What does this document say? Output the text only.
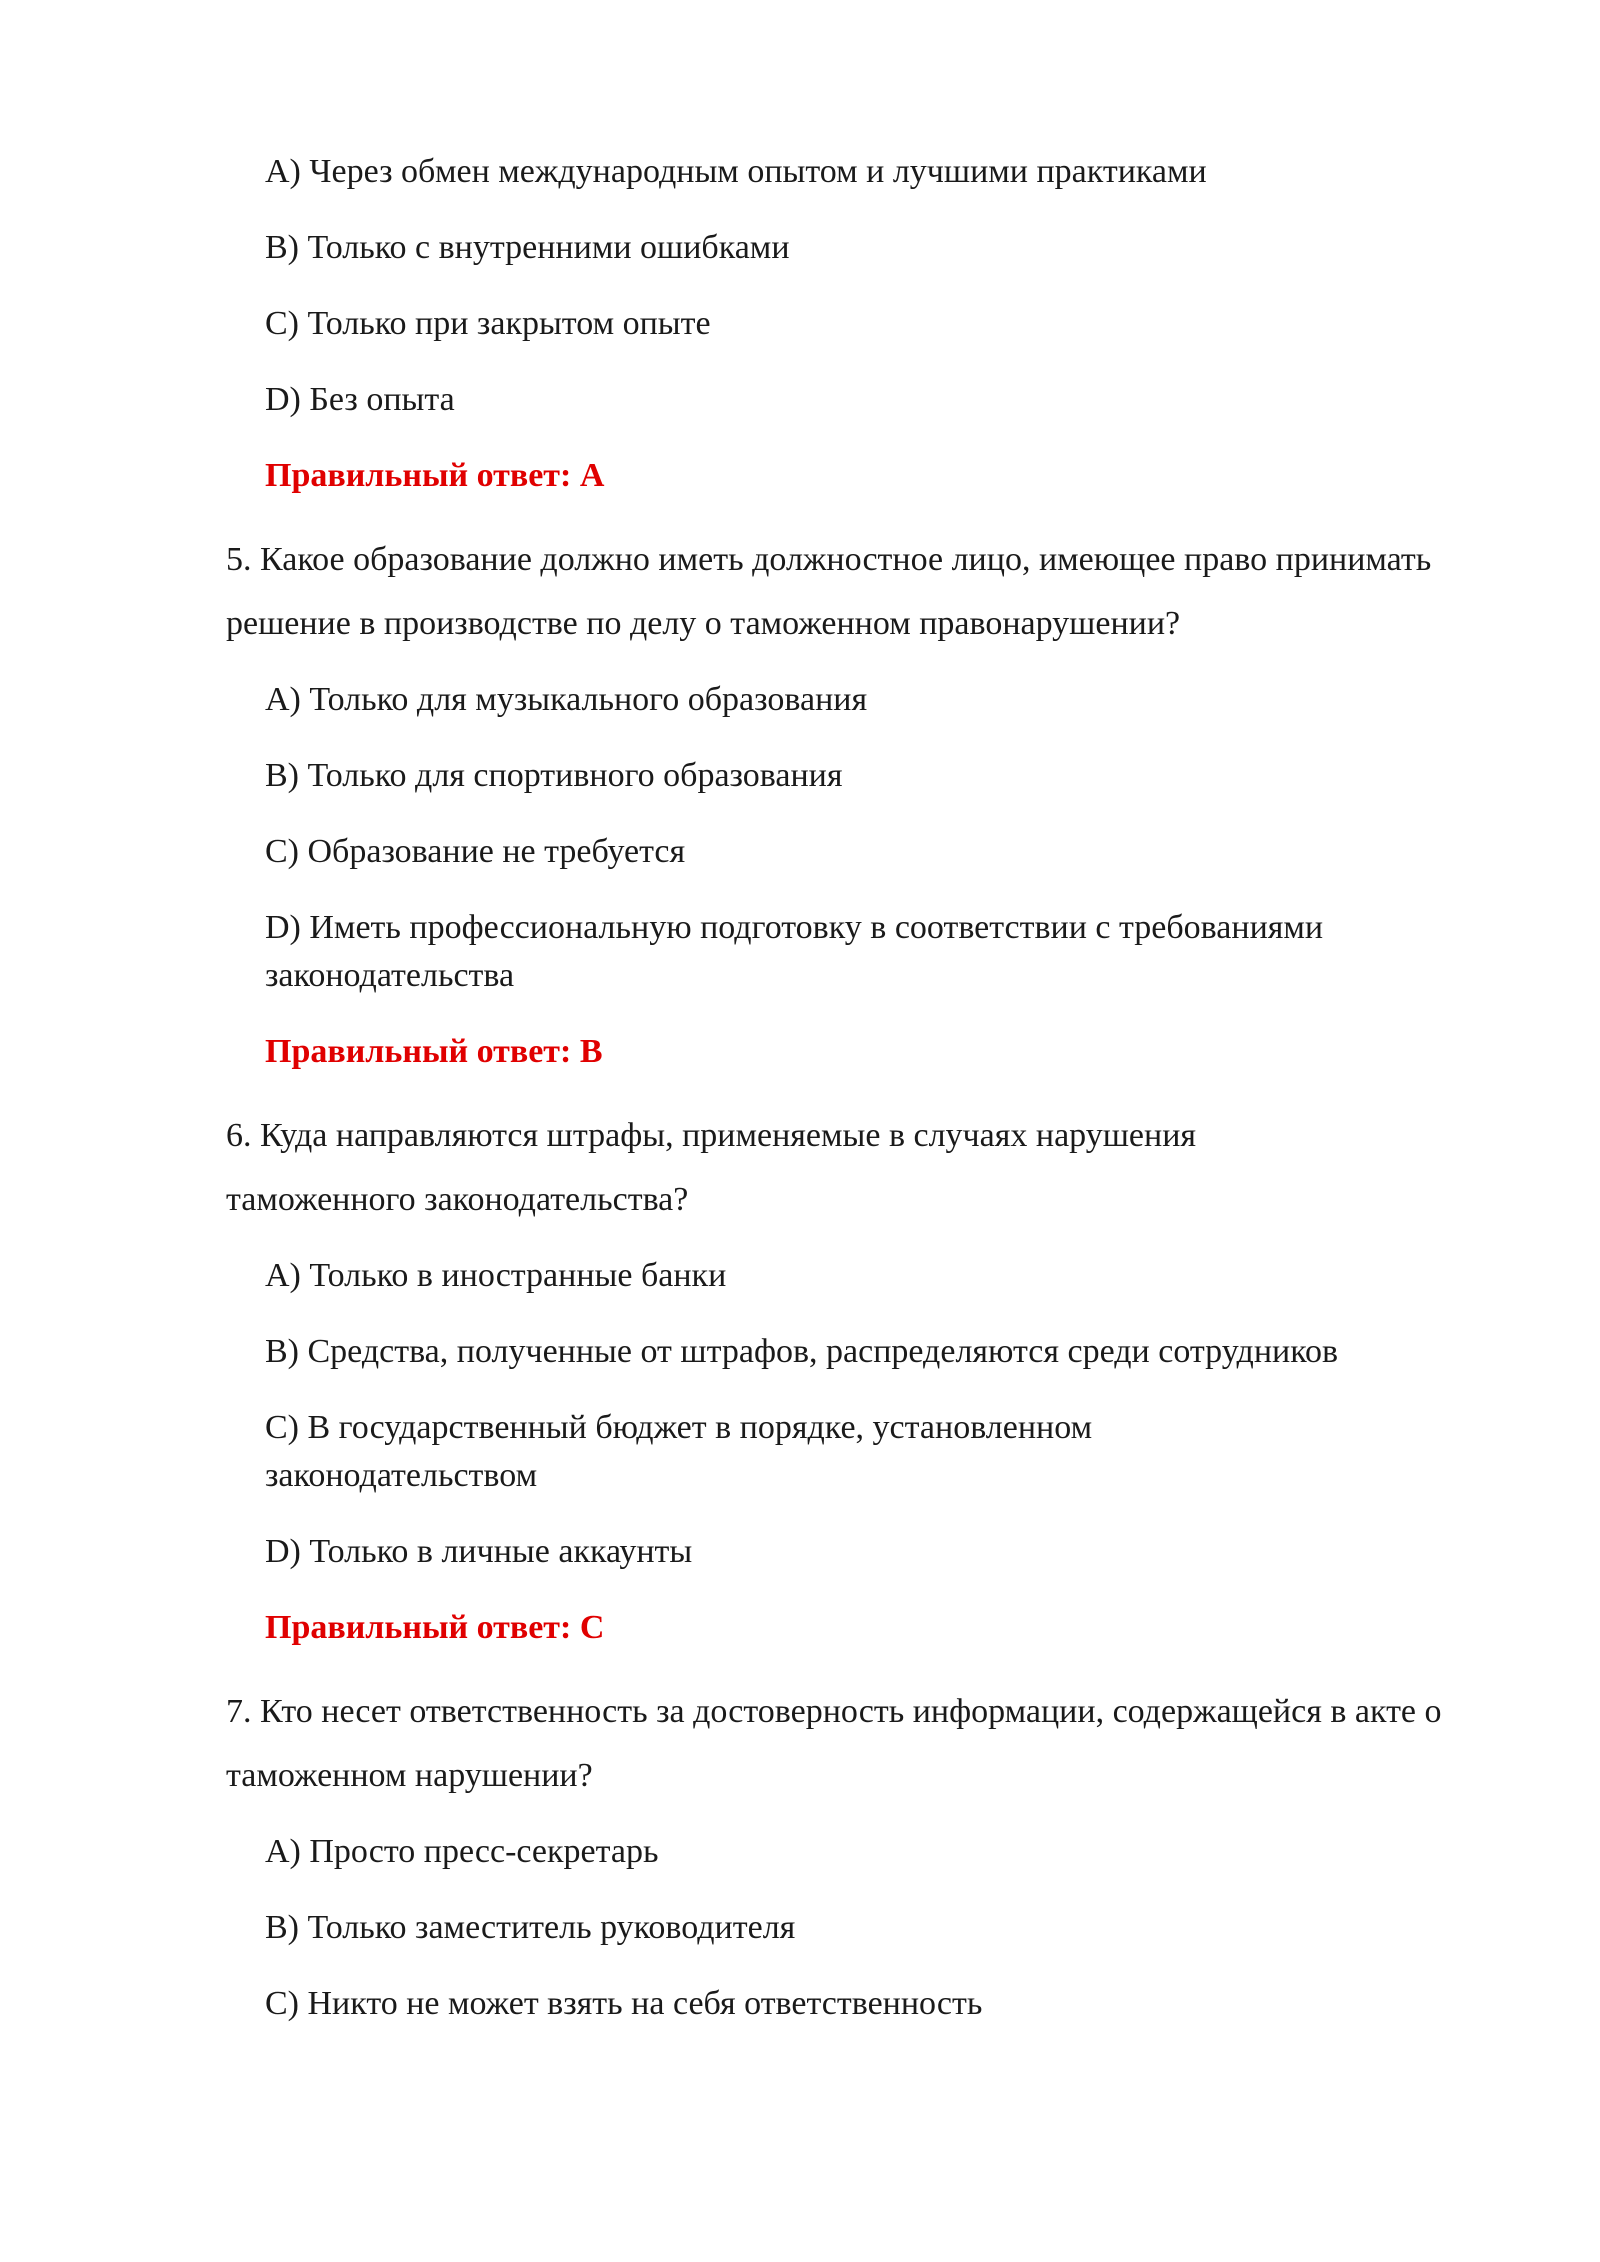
A) Через обмен международным опытом и лучшими практиками
B) Только с внутренними ошибками
C) Только при закрытом опыте
D) Без опыта
Правильный ответ: A
5. Какое образование должно иметь должностное лицо, имеющее право принимать решение в производстве по делу о таможенном правонарушении?
A) Только для музыкального образования
B) Только для спортивного образования
C) Образование не требуется
D) Иметь профессиональную подготовку в соответствии с требованиями законодательства
Правильный ответ: B
6. Куда направляются штрафы, применяемые в случаях нарушения таможенного законодательства?
A) Только в иностранные банки
B) Средства, полученные от штрафов, распределяются среди сотрудников
C) В государственный бюджет в порядке, установленном законодательством
D) Только в личные аккаунты
Правильный ответ: C
7. Кто несет ответственность за достоверность информации, содержащейся в акте о таможенном нарушении?
A) Просто пресс-секретарь
B) Только заместитель руководителя
C) Никто не может взять на себя ответственность
